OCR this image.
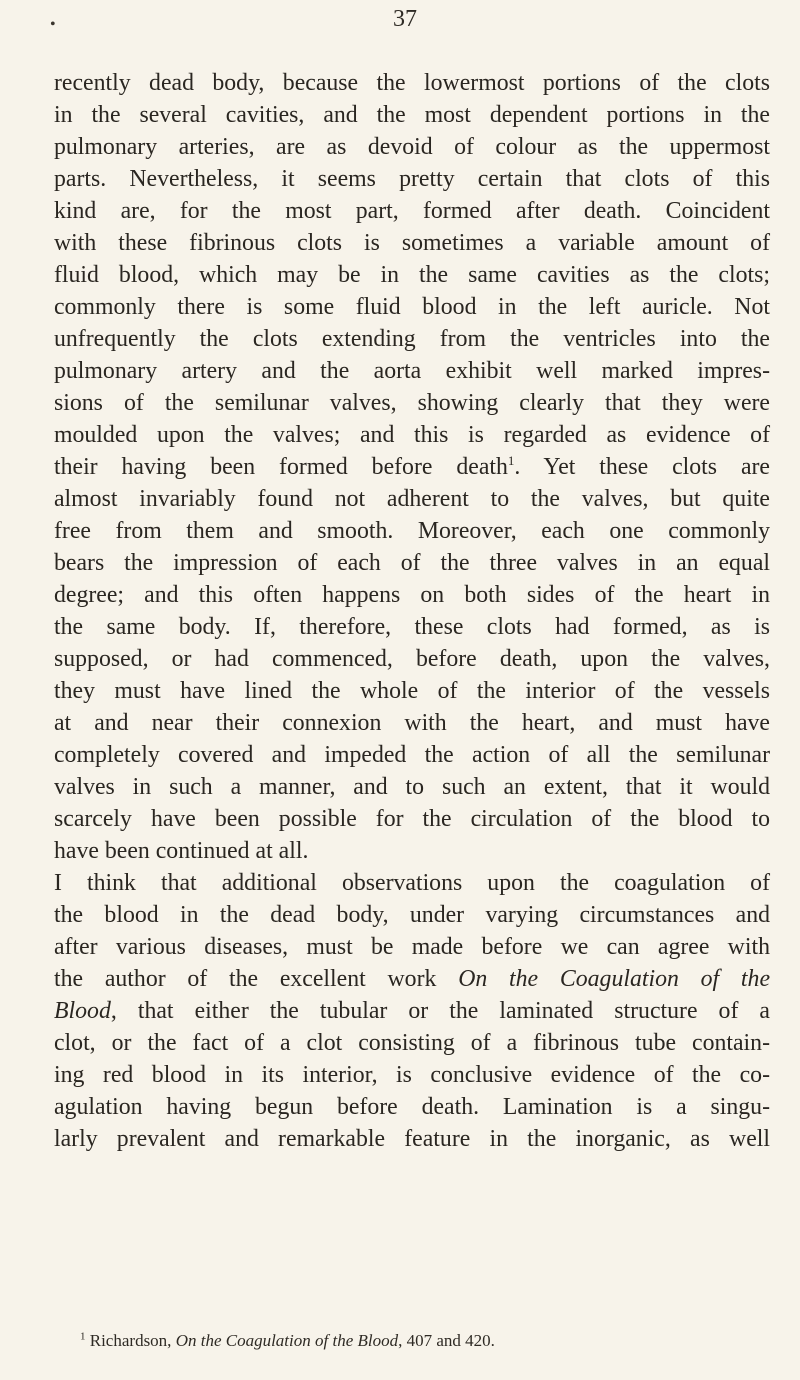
•	37
recently dead body, because the lowermost portions of the clots
in the several cavities, and the most dependent portions in the
pulmonary arteries, are as devoid of colour as the uppermost
parts. Nevertheless, it seems pretty certain that clots of this
kind are, for the most part, formed after death. Coincident
with these fibrinous clots is sometimes a variable amount of
fluid blood, which may be in the same cavities as the clots;
commonly there is some fluid blood in the left auricle. Not
unfrequently the clots extending from the ventricles into the
pulmonary artery and the aorta exhibit well marked impres-
sions of the semilunar valves, showing clearly that they were
moulded upon the valves; and this is regarded as evidence of
their having been formed before death$^1$. Yet these clots are
almost invariably found not adherent to the valves, but quite
free from them and smooth. Moreover, each one commonly
bears the impression of each of the three valves in an equal
degree; and this often happens on both sides of the heart in
the same body. If, therefore, these clots had formed, as is
supposed, or had commenced, before death, upon the valves,
they must have lined the whole of the interior of the vessels
at and near their connexion with the heart, and must have
completely covered and impeded the action of all the semilunar
valves in such a manner, and to such an extent, that it would
scarcely have been possible for the circulation of the blood to
have been continued at all.
I think that additional observations upon the coagulation of
the blood in the dead body, under varying circumstances and
after various diseases, must be made before we can agree with
the author of the excellent work On the Coagulation of the
Blood, that either the tubular or the laminated structure of a
clot, or the fact of a clot consisting of a fibrinous tube contain-
ing red blood in its interior, is conclusive evidence of the co-
agulation having begun before death. Lamination is a singu-
larly prevalent and remarkable feature in the inorganic, as well
$^1$ Richardson, On the Coagulation of the Blood, 407 and 420.
